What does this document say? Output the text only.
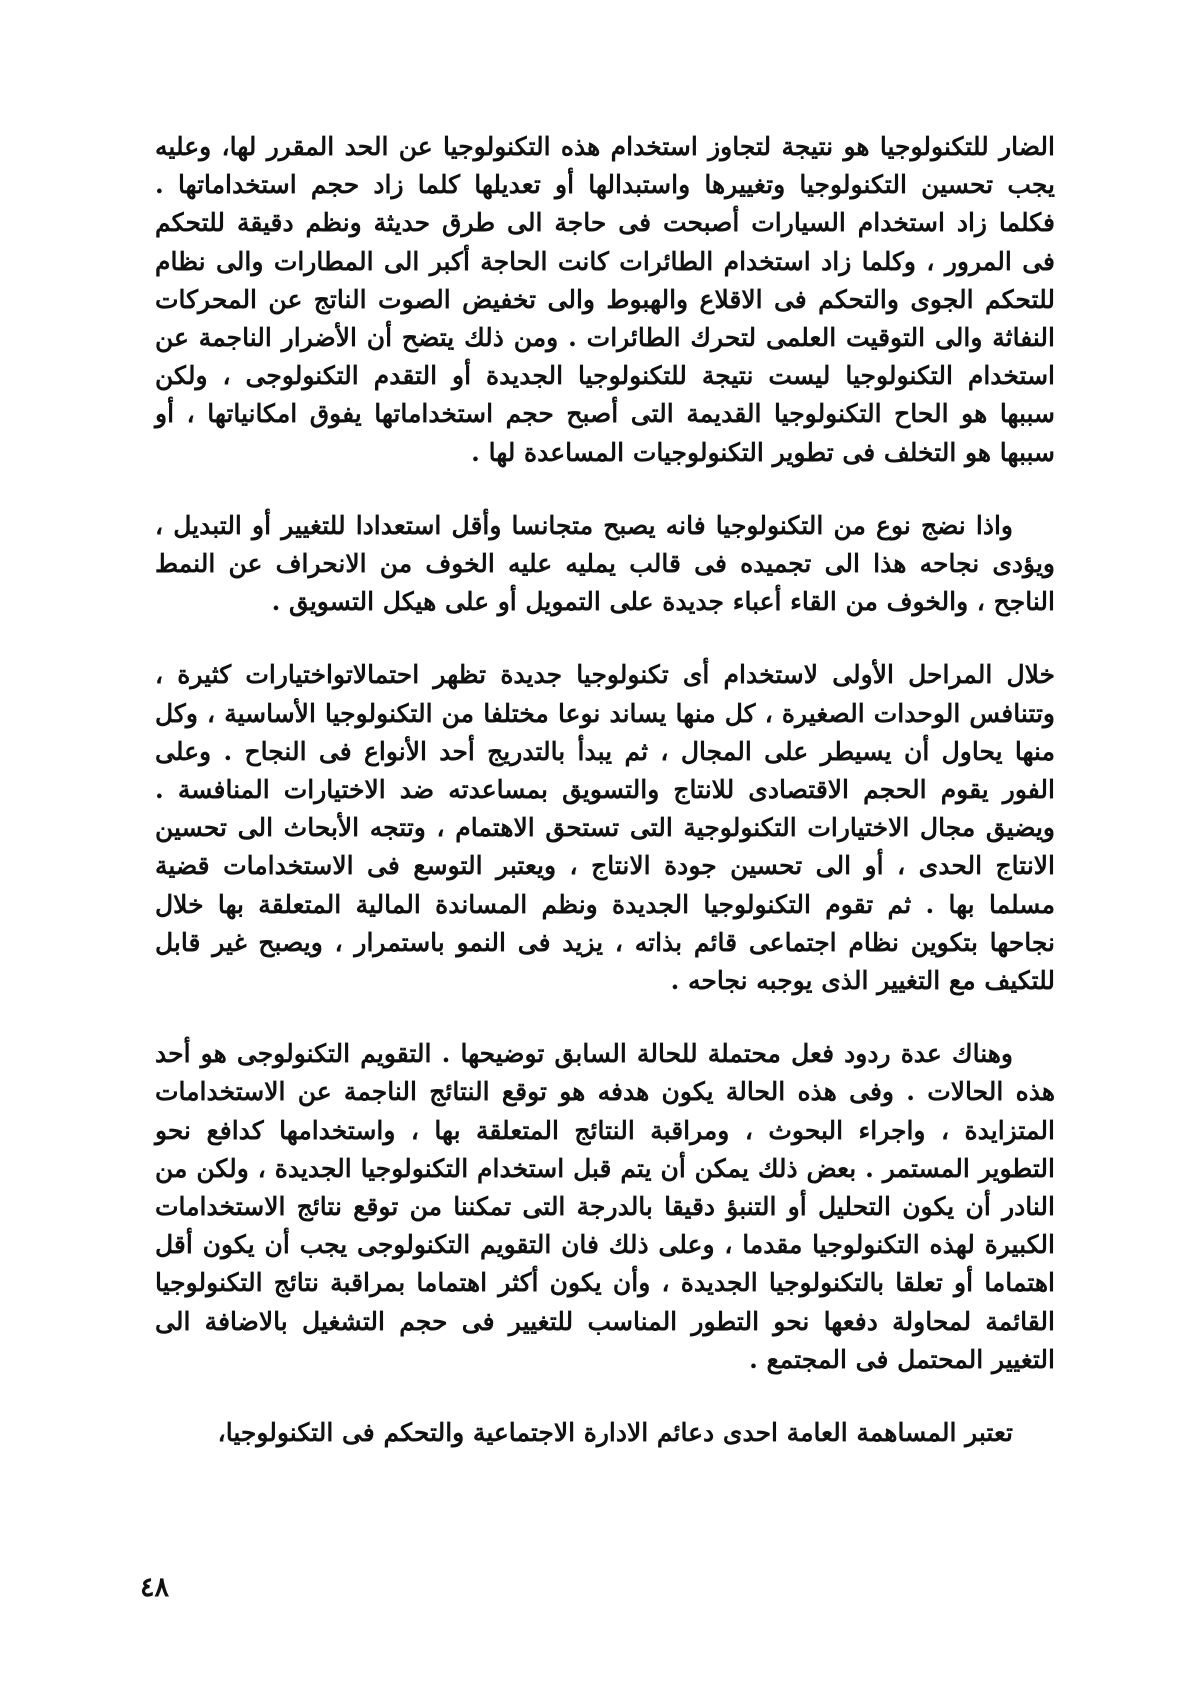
الضار للتكنولوجيا هو نتيجة لتجاوز استخدام هذه التكنولوجيا عن الحد المقرر لها، وعليه يجب تحسين التكنولوجيا وتغييرها واستبدالها أو تعديلها كلما زاد حجم استخداماتها . فكلما زاد استخدام السيارات أصبحت فى حاجة الى طرق حديثة ونظم دقيقة للتحكم فى المرور ، وكلما زاد استخدام الطائرات كانت الحاجة أكبر الى المطارات والى نظام للتحكم الجوى والتحكم فى الاقلاع والهبوط والى تخفيض الصوت الناتج عن المحركات النفاثة والى التوقيت العلمى لتحرك الطائرات . ومن ذلك يتضح أن الأضرار الناجمة عن استخدام التكنولوجيا ليست نتيجة للتكنولوجيا الجديدة أو التقدم التكنولوجى ، ولكن سببها هو الحاح التكنولوجيا القديمة التى أصبح حجم استخداماتها يفوق امكانياتها ، أو سببها هو التخلف فى تطوير التكنولوجيات المساعدة لها .

واذا نضج نوع من التكنولوجيا فانه يصبح متجانسا وأقل استعدادا للتغيير أو التبديل ، ويؤدى نجاحه هذا الى تجميده فى قالب يمليه عليه الخوف من الانحراف عن النمط الناجح ، والخوف من القاء أعباء جديدة على التمويل أو على هيكل التسويق .

خلال المراحل الأولى لاستخدام أى تكنولوجيا جديدة تظهر احتمالاتواختيارات كثيرة ، وتتنافس الوحدات الصغيرة ، كل منها يساند نوعا مختلفا من التكنولوجيا الأساسية ، وكل منها يحاول أن يسيطر على المجال ، ثم يبدأ بالتدريج أحد الأنواع فى النجاح . وعلى الفور يقوم الحجم الاقتصادى للانتاج والتسويق بمساعدته ضد الاختيارات المنافسة . ويضيق مجال الاختيارات التكنولوجية التى تستحق الاهتمام ، وتتجه الأبحاث الى تحسين الانتاج الحدى ، أو الى تحسين جودة الانتاج ، ويعتبر التوسع فى الاستخدامات قضية مسلما بها . ثم تقوم التكنولوجيا الجديدة ونظم المساندة المالية المتعلقة بها خلال نجاحها بتكوين نظام اجتماعى قائم بذاته ، يزيد فى النمو باستمرار ، ويصبح غير قابل للتكيف مع التغيير الذى يوجبه نجاحه .

وهناك عدة ردود فعل محتملة للحالة السابق توضيحها . التقويم التكنولوجى هو أحد هذه الحالات . وفى هذه الحالة يكون هدفه هو توقع النتائج الناجمة عن الاستخدامات المتزايدة ، واجراء البحوث ، ومراقبة النتائج المتعلقة بها ، واستخدامها كدافع نحو التطوير المستمر . بعض ذلك يمكن أن يتم قبل استخدام التكنولوجيا الجديدة ، ولكن من النادر أن يكون التحليل أو التنبؤ دقيقا بالدرجة التى تمكننا من توقع نتائج الاستخدامات الكبيرة لهذه التكنولوجيا مقدما ، وعلى ذلك فان التقويم التكنولوجى يجب أن يكون أقل اهتماما أو تعلقا بالتكنولوجيا الجديدة ، وأن يكون أكثر اهتماما بمراقبة نتائج التكنولوجيا القائمة لمحاولة دفعها نحو التطور المناسب للتغيير فى حجم التشغيل بالاضافة الى التغيير المحتمل فى المجتمع .

تعتبر المساهمة العامة احدى دعائم الادارة الاجتماعية والتحكم فى التكنولوجيا،

٤٨
